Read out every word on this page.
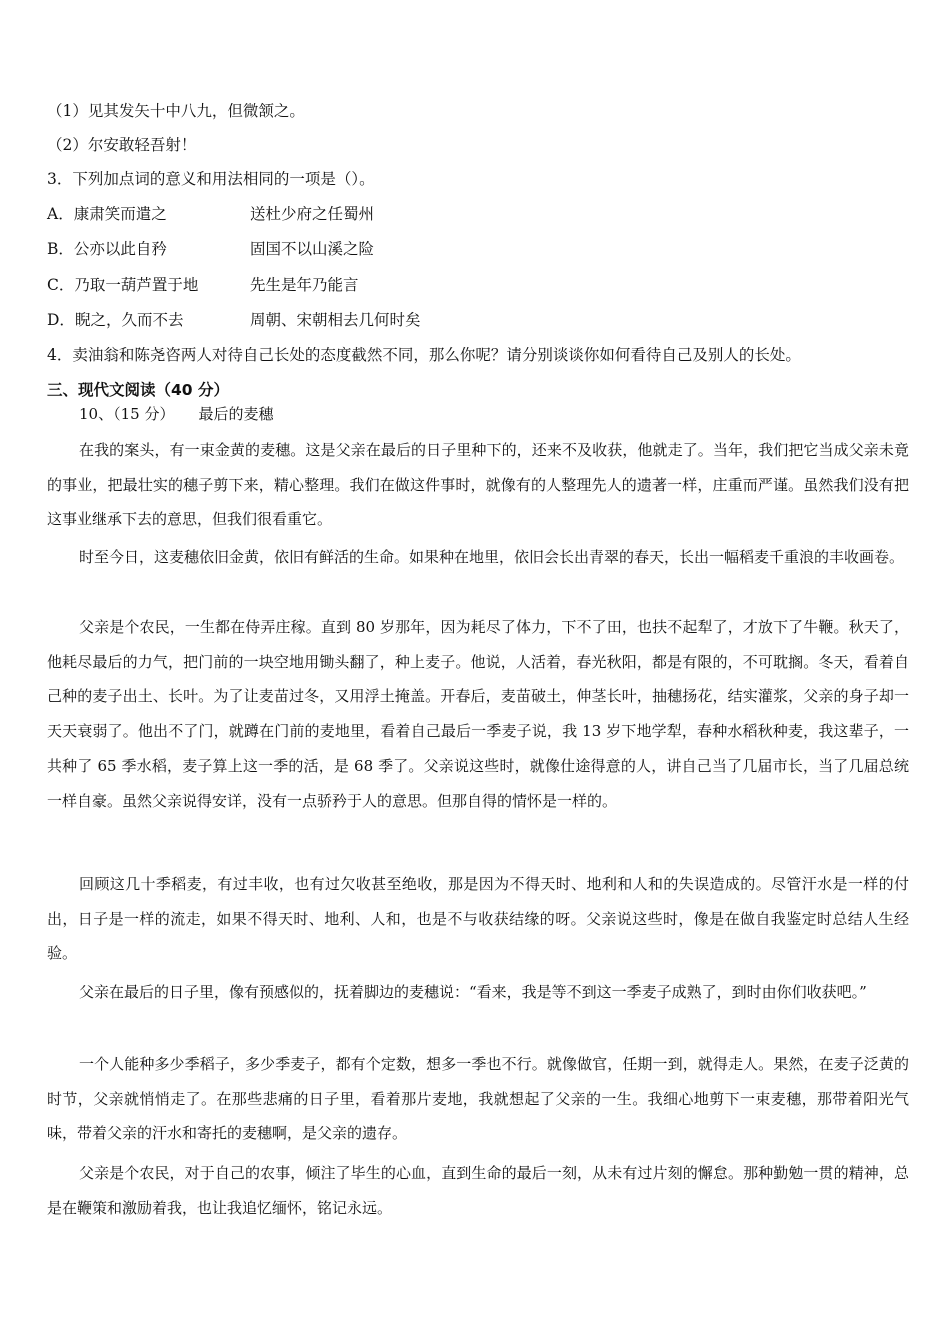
（1）见其发矢十中八九，但微颔之。
（2）尔安敢轻吾射！
3．下列加点词的意义和用法相同的一项是（）。
A．康肃笑而遣之	送杜少府之任蜀州
B．公亦以此自矜	固国不以山溪之险
C．乃取一葫芦置于地	先生是年乃能言
D．睨之，久而不去	周朝、宋朝相去几何时矣
4．卖油翁和陈尧咨两人对待自己长处的态度截然不同，那么你呢？请分别谈谈你如何看待自己及别人的长处。
三、现代文阅读（40 分）
10、（15 分） 最后的麦穗
在我的案头，有一束金黄的麦穗。这是父亲在最后的日子里种下的，还来不及收获，他就走了。当年，我们把它当成父亲未竟的事业，把最壮实的穗子剪下来，精心整理。我们在做这件事时，就像有的人整理先人的遗著一样，庄重而严谨。虽然我们没有把这事业继承下去的意思，但我们很看重它。
时至今日，这麦穗依旧金黄，依旧有鲜活的生命。如果种在地里，依旧会长出青翠的春天，长出一幅稻麦千重浪的丰收画卷。
父亲是个农民，一生都在侍弄庄稼。直到 80 岁那年，因为耗尽了体力，下不了田，也扶不起犁了，才放下了牛鞭。秋天了，他耗尽最后的力气，把门前的一块空地用锄头翻了，种上麦子。他说，人活着，春光秋阳，都是有限的，不可耽搁。冬天，看着自己种的麦子出土、长叶。为了让麦苗过冬，又用浮土掩盖。开春后，麦苗破土，伸茎长叶，抽穗扬花，结实灌浆，父亲的身子却一天天衰弱了。他出不了门，就蹲在门前的麦地里，看着自己最后一季麦子说，我 13 岁下地学犁，春种水稻秋种麦，我这辈子，一共种了 65 季水稻，麦子算上这一季的活，是 68 季了。父亲说这些时，就像仕途得意的人，讲自己当了几届市长，当了几届总统一样自豪。虽然父亲说得安详，没有一点骄矜于人的意思。但那自得的情怀是一样的。
回顾这几十季稻麦，有过丰收，也有过欠收甚至绝收，那是因为不得天时、地利和人和的失误造成的。尽管汗水是一样的付出，日子是一样的流走，如果不得天时、地利、人和，也是不与收获结缘的呀。父亲说这些时，像是在做自我鉴定时总结人生经验。
父亲在最后的日子里，像有预感似的，抚着脚边的麦穗说：“看来，我是等不到这一季麦子成熟了，到时由你们收获吧。”
一个人能种多少季稻子，多少季麦子，都有个定数，想多一季也不行。就像做官，任期一到，就得走人。果然，在麦子泛黄的时节，父亲就悄悄走了。在那些悲痛的日子里，看着那片麦地，我就想起了父亲的一生。我细心地剪下一束麦穗，那带着阳光气味，带着父亲的汗水和寄托的麦穗啊，是父亲的遗存。
父亲是个农民，对于自己的农事，倾注了毕生的心血，直到生命的最后一刻，从未有过片刻的懈怠。那种勤勉一贯的精神，总是在鞭策和激励着我，也让我追忆缅怀，铭记永远。
